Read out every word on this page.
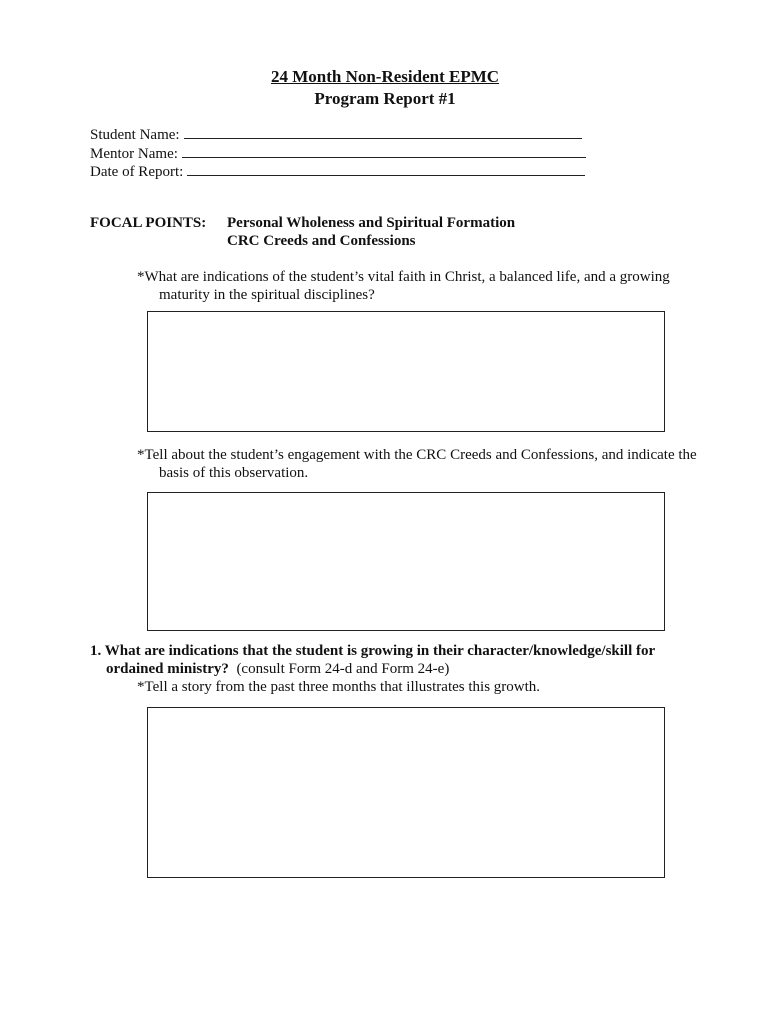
24 Month Non-Resident EPMC
Program Report #1
Student Name:
Mentor Name:
Date of Report:
FOCAL POINTS: Personal Wholeness and Spiritual Formation
CRC Creeds and Confessions

*What are indications of the student’s vital faith in Christ, a balanced life, and a growing maturity in the spiritual disciplines?

*Tell about the student’s engagement with the CRC Creeds and Confessions, and indicate the basis of this observation.

1. What are indications that the student is growing in their character/knowledge/skill for ordained ministry? (consult Form 24-d and Form 24-e)

*Tell a story from the past three months that illustrates this growth.
